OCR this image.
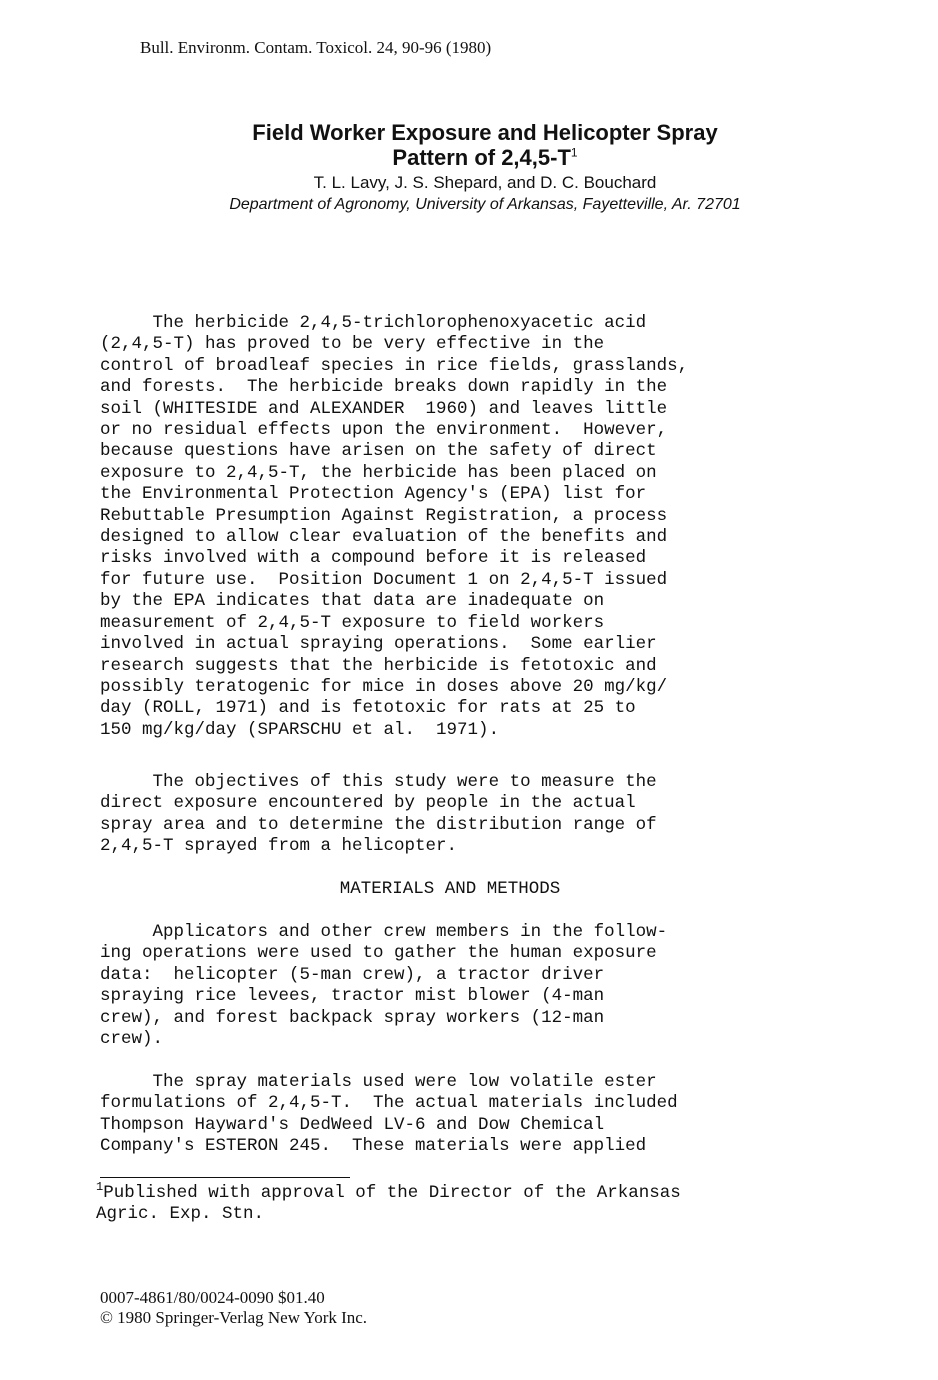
Bull. Environm. Contam. Toxicol. 24, 90-96 (1980)
Field Worker Exposure and Helicopter Spray
Pattern of $2,4,5-T^1$
T. L. Lavy, J. S. Shepard, and D. C. Bouchard
Department of Agronomy, University of Arkansas, Fayetteville, Ar. 72701

The herbicide 2,4,5-trichlorophenoxyacetic acid
(2,4,5-T) has proved to be very effective in the
control of broadleaf species in rice fields, grasslands,
and forests.  The herbicide breaks down rapidly in the
soil (WHITESIDE and ALEXANDER  1960) and leaves little
or no residual effects upon the environment.  However,
because questions have arisen on the safety of direct
exposure to 2,4,5-T, the herbicide has been placed on
the Environmental Protection Agency's (EPA) list for
Rebuttable Presumption Against Registration, a process
designed to allow clear evaluation of the benefits and
risks involved with a compound before it is released
for future use.  Position Document 1 on 2,4,5-T issued
by the EPA indicates that data are inadequate on
measurement of 2,4,5-T exposure to field workers
involved in actual spraying operations.  Some earlier
research suggests that the herbicide is fetotoxic and
possibly teratogenic for mice in doses above 20 mg/kg/
day (ROLL, 1971) and is fetotoxic for rats at 25 to
150 mg/kg/day (SPARSCHU et al.  1971).

The objectives of this study were to measure the
direct exposure encountered by people in the actual
spray area and to determine the distribution range of
2,4,5-T sprayed from a helicopter.

MATERIALS AND METHODS

Applicators and other crew members in the follow-
ing operations were used to gather the human exposure
data:  helicopter (5-man crew), a tractor driver
spraying rice levees, tractor mist blower (4-man
crew), and forest backpack spray workers (12-man
crew).

The spray materials used were low volatile ester
formulations of 2,4,5-T.  The actual materials included
Thompson Hayward's DedWeed LV-6 and Dow Chemical
Company's ESTERON 245.  These materials were applied

$^1$Published with approval of the Director of the Arkansas
Agric. Exp. Stn.

0007-4861/80/0024-0090 $01.40
© 1980 Springer-Verlag New York Inc.
